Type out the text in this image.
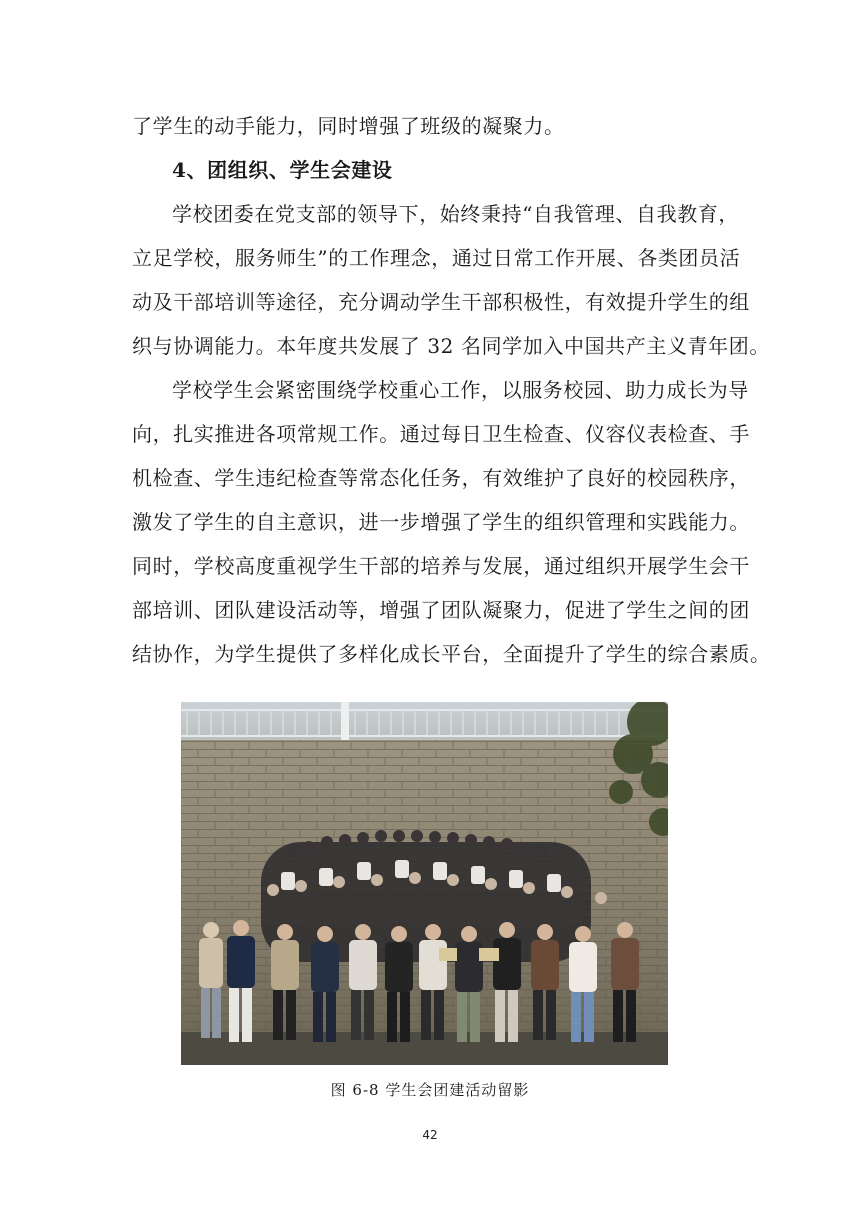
了学生的动手能力，同时增强了班级的凝聚力。
4、团组织、学生会建设
学校团委在党支部的领导下，始终秉持“自我管理、自我教育，
立足学校，服务师生”的工作理念，通过日常工作开展、各类团员活
动及干部培训等途径，充分调动学生干部积极性，有效提升学生的组
织与协调能力。本年度共发展了 32 名同学加入中国共产主义青年团。
学校学生会紧密围绕学校重心工作，以服务校园、助力成长为导
向，扎实推进各项常规工作。通过每日卫生检查、仪容仪表检查、手
机检查、学生违纪检查等常态化任务，有效维护了良好的校园秩序，
激发了学生的自主意识，进一步增强了学生的组织管理和实践能力。
同时，学校高度重视学生干部的培养与发展，通过组织开展学生会干
部培训、团队建设活动等，增强了团队凝聚力，促进了学生之间的团
结协作，为学生提供了多样化成长平台，全面提升了学生的综合素质。
图 6-8 学生会团建活动留影
42
